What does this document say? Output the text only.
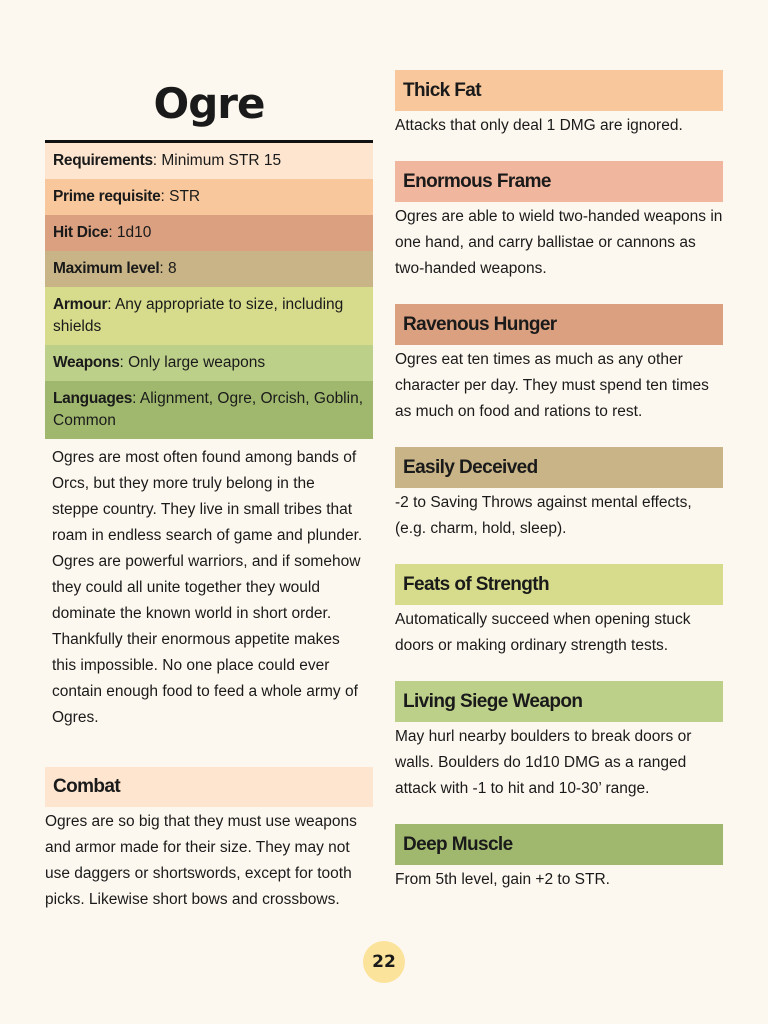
Ogre
Requirements: Minimum STR 15
Prime requisite: STR
Hit Dice: 1d10
Maximum level: 8
Armour: Any appropriate to size, including shields
Weapons: Only large weapons
Languages: Alignment, Ogre, Orcish, Goblin, Common
Ogres are most often found among bands of Orcs, but they more truly belong in the steppe country. They live in small tribes that roam in endless search of game and plunder. Ogres are powerful warriors, and if somehow they could all unite together they would dominate the known world in short order. Thankfully their enormous appetite makes this impossible. No one place could ever contain enough food to feed a whole army of Ogres.
Combat
Ogres are so big that they must use weapons and armor made for their size. They may not use daggers or shortswords, except for tooth picks. Likewise short bows and crossbows.
Thick Fat
Attacks that only deal 1 DMG are ignored.
Enormous Frame
Ogres are able to wield two-handed weapons in one hand, and carry ballistae or cannons as two-handed weapons.
Ravenous Hunger
Ogres eat ten times as much as any other character per day. They must spend ten times as much on food and rations to rest.
Easily Deceived
-2 to Saving Throws against mental effects, (e.g. charm, hold, sleep).
Feats of Strength
Automatically succeed when opening stuck doors or making ordinary strength tests.
Living Siege Weapon
May hurl nearby boulders to break doors or walls. Boulders do 1d10 DMG as a ranged attack with -1 to hit and 10-30’ range.
Deep Muscle
From 5th level, gain +2 to STR.
22
